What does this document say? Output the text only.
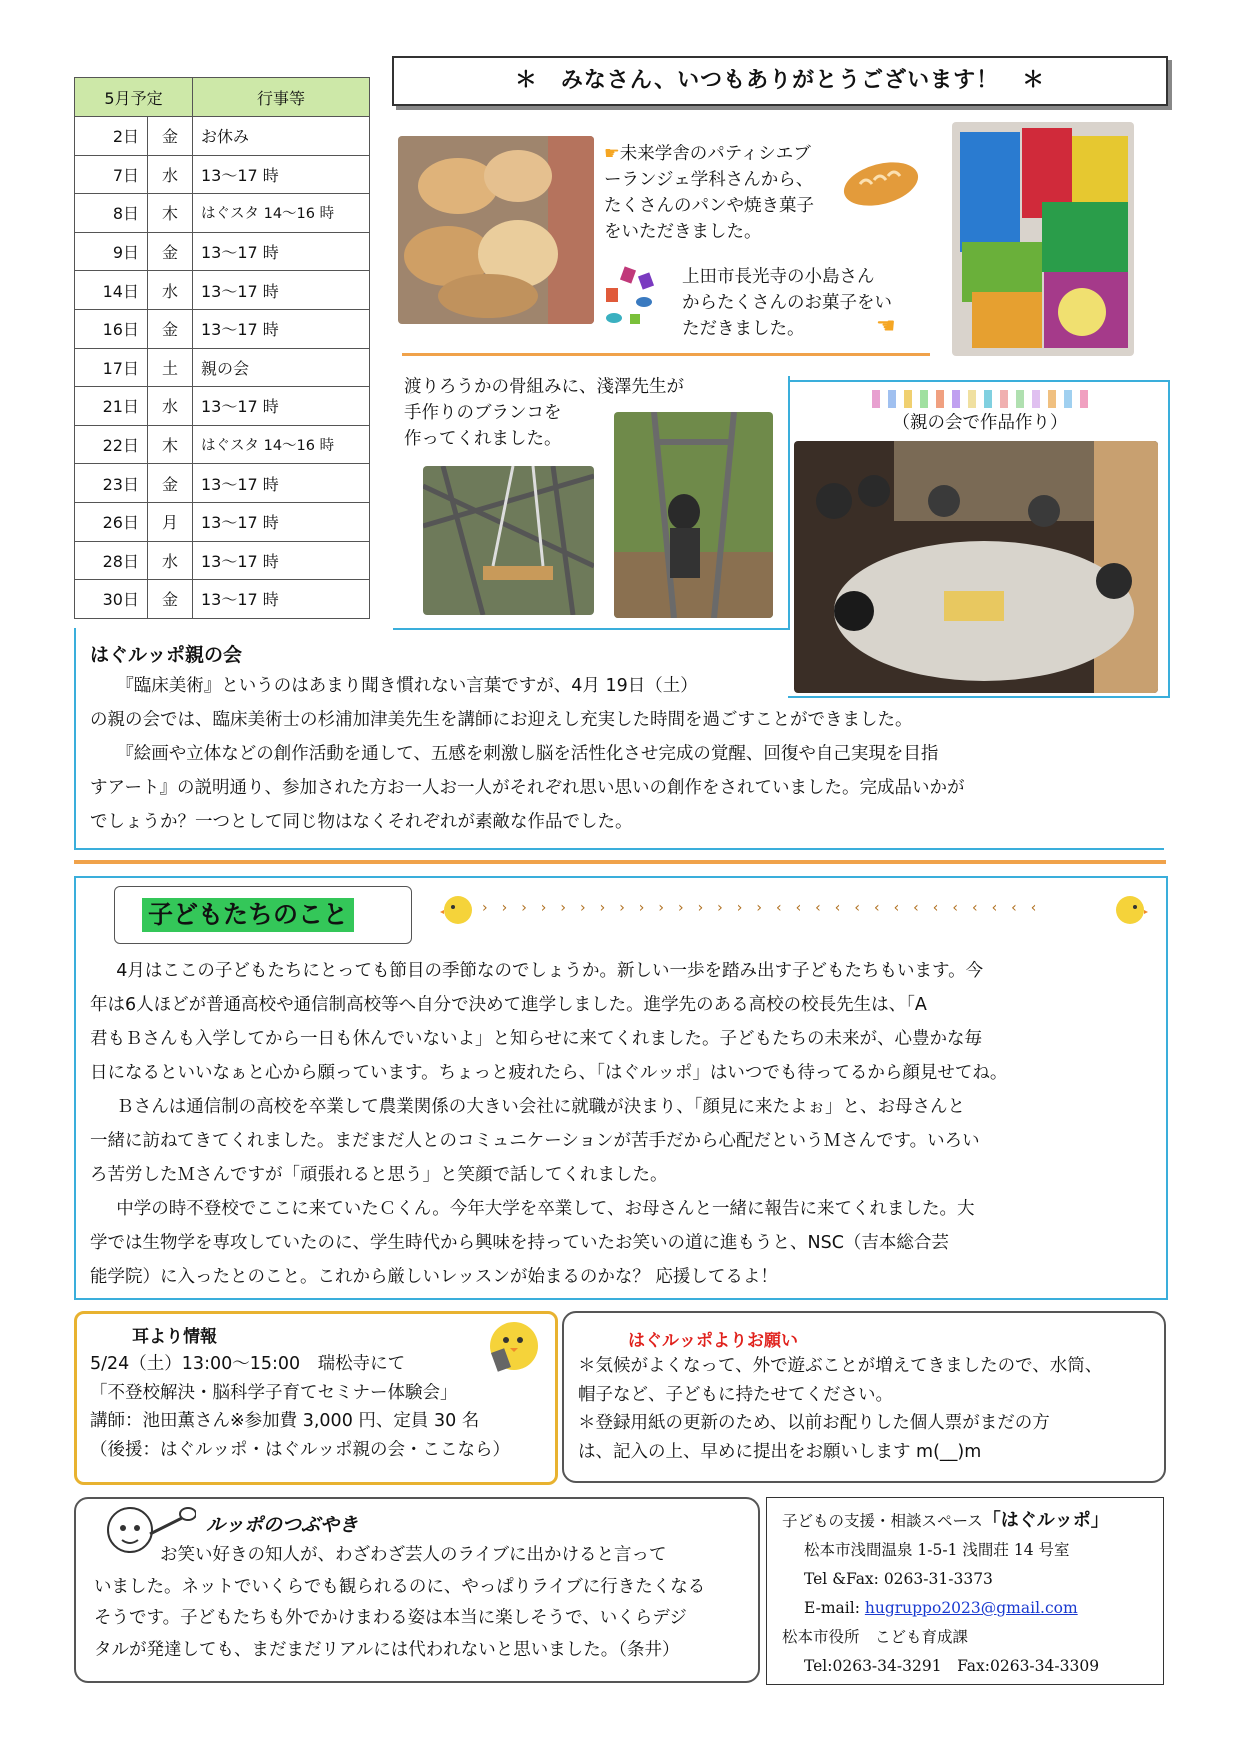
5月予定		行事等
2日	金	お休み
7日	水	13〜17 時
8日	木	はぐスタ 14〜16 時
9日	金	13〜17 時
14日	水	13〜17 時
16日	金	13〜17 時
17日	土	親の会
21日	水	13〜17 時
22日	木	はぐスタ 14〜16 時
23日	金	13〜17 時
26日	月	13〜17 時
28日	水	13〜17 時
30日	金	13〜17 時
＊　みなさん、いつもありがとうございます！　＊
☛未来学舎のパティシエブ
ーランジェ学科さんから、
たくさんのパンや焼き菓子
をいただきました。
上田市長光寺の小島さん
からたくさんのお菓子をい
ただきました。	☚
渡りろうかの骨組みに、淺澤先生が
手作りのブランコを
作ってくれました。
（親の会で作品作り）
はぐルッポ親の会

『臨床美術』というのはあまり聞き慣れない言葉ですが、4月 19日（土）

の親の会では、臨床美術士の杉浦加津美先生を講師にお迎えし充実した時間を過ごすことができました。

『絵画や立体などの創作活動を通して、五感を刺激し脳を活性化させ完成の覚醒、回復や自己実現を目指

すアート』の説明通り、参加された方お一人お一人がそれぞれ思い思いの創作をされていました。完成品いかが

でしょうか？一つとして同じ物はなくそれぞれが素敵な作品でした。

子どもたちのこと	›››››››››››››››‹‹‹‹‹‹‹‹‹‹‹‹‹‹
4月はここの子どもたちにとっても節目の季節なのでしょうか。新しい一歩を踏み出す子どもたちもいます。今
年は6人ほどが普通高校や通信制高校等へ自分で決めて進学しました。進学先のある高校の校長先生は、「A
君もＢさんも入学してから一日も休んでいないよ」と知らせに来てくれました。子どもたちの未来が、心豊かな毎
日になるといいなぁと心から願っています。ちょっと疲れたら、「はぐルッポ」はいつでも待ってるから顔見せてね。
Ｂさんは通信制の高校を卒業して農業関係の大きい会社に就職が決まり、「顔見に来たよぉ」と、お母さんと
一緒に訪ねてきてくれました。まだまだ人とのコミュニケーションが苦手だから心配だというＭさんです。いろい
ろ苦労したＭさんですが「頑張れると思う」と笑顔で話してくれました。
中学の時不登校でここに来ていたＣくん。今年大学を卒業して、お母さんと一緒に報告に来てくれました。大
学では生物学を専攻していたのに、学生時代から興味を持っていたお笑いの道に進もうと、NSC（吉本総合芸
能学院）に入ったとのこと。これから厳しいレッスンが始まるのかな？ 応援してるよ！
耳より情報
5/24（土）13:00〜15:00　瑞松寺にて
「不登校解決・脳科学子育てセミナー体験会」
講師：池田薫さん※参加費 3,000 円、定員 30 名
（後援：はぐルッポ・はぐルッポ親の会・ここなら）
はぐルッポよりお願い
＊気候がよくなって、外で遊ぶことが増えてきましたので、水筒、
帽子など、子どもに持たせてください。
＊登録用紙の更新のため、以前お配りした個人票がまだの方
は、記入の上、早めに提出をお願いします m(__)m
ルッポのつぶやき
お笑い好きの知人が、わざわざ芸人のライブに出かけると言って
いました。ネットでいくらでも観られるのに、やっぱりライブに行きたくなる
そうです。子どもたちも外でかけまわる姿は本当に楽しそうで、いくらデジ
タルが発達しても、まだまだリアルには代われないと思いました。（条井）
子どもの支援・相談スペース「はぐルッポ」
松本市浅間温泉 1-5-1 浅間荘 14 号室
Tel &Fax: 0263-31-3373
E-mail: hugruppo2023@gmail.com
松本市役所　こども育成課
Tel:0263-34-3291　Fax:0263-34-3309
